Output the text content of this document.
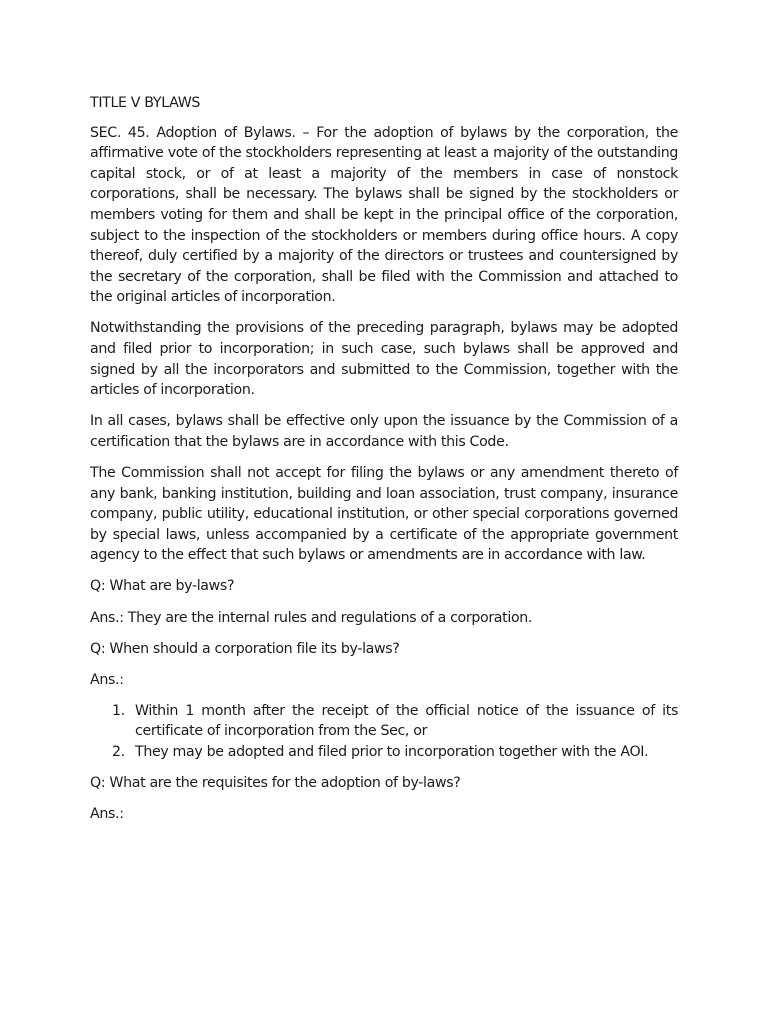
TITLE V BYLAWS

SEC. 45. Adoption of Bylaws. – For the adoption of bylaws by the corporation, the affirmative vote of the stockholders representing at least a majority of the outstanding capital stock, or of at least a majority of the members in case of nonstock corporations, shall be necessary. The bylaws shall be signed by the stockholders or members voting for them and shall be kept in the principal office of the corporation, subject to the inspection of the stockholders or members during office hours. A copy thereof, duly certified by a majority of the directors or trustees and countersigned by the secretary of the corporation, shall be filed with the Commission and attached to the original articles of incorporation.

Notwithstanding the provisions of the preceding paragraph, bylaws may be adopted and filed prior to incorporation; in such case, such bylaws shall be approved and signed by all the incorporators and submitted to the Commission, together with the articles of incorporation.

In all cases, bylaws shall be effective only upon the issuance by the Commission of a certification that the bylaws are in accordance with this Code.

The Commission shall not accept for filing the bylaws or any amendment thereto of any bank, banking institution, building and loan association, trust company, insurance company, public utility, educational institution, or other special corporations governed by special laws, unless accompanied by a certificate of the appropriate government agency to the effect that such bylaws or amendments are in accordance with law.

Q: What are by-laws?

Ans.: They are the internal rules and regulations of a corporation.

Q: When should a corporation file its by-laws?

Ans.:

1. Within 1 month after the receipt of the official notice of the issuance of its certificate of incorporation from the Sec, or
2. They may be adopted and filed prior to incorporation together with the AOI.

Q: What are the requisites for the adoption of by-laws?

Ans.:
